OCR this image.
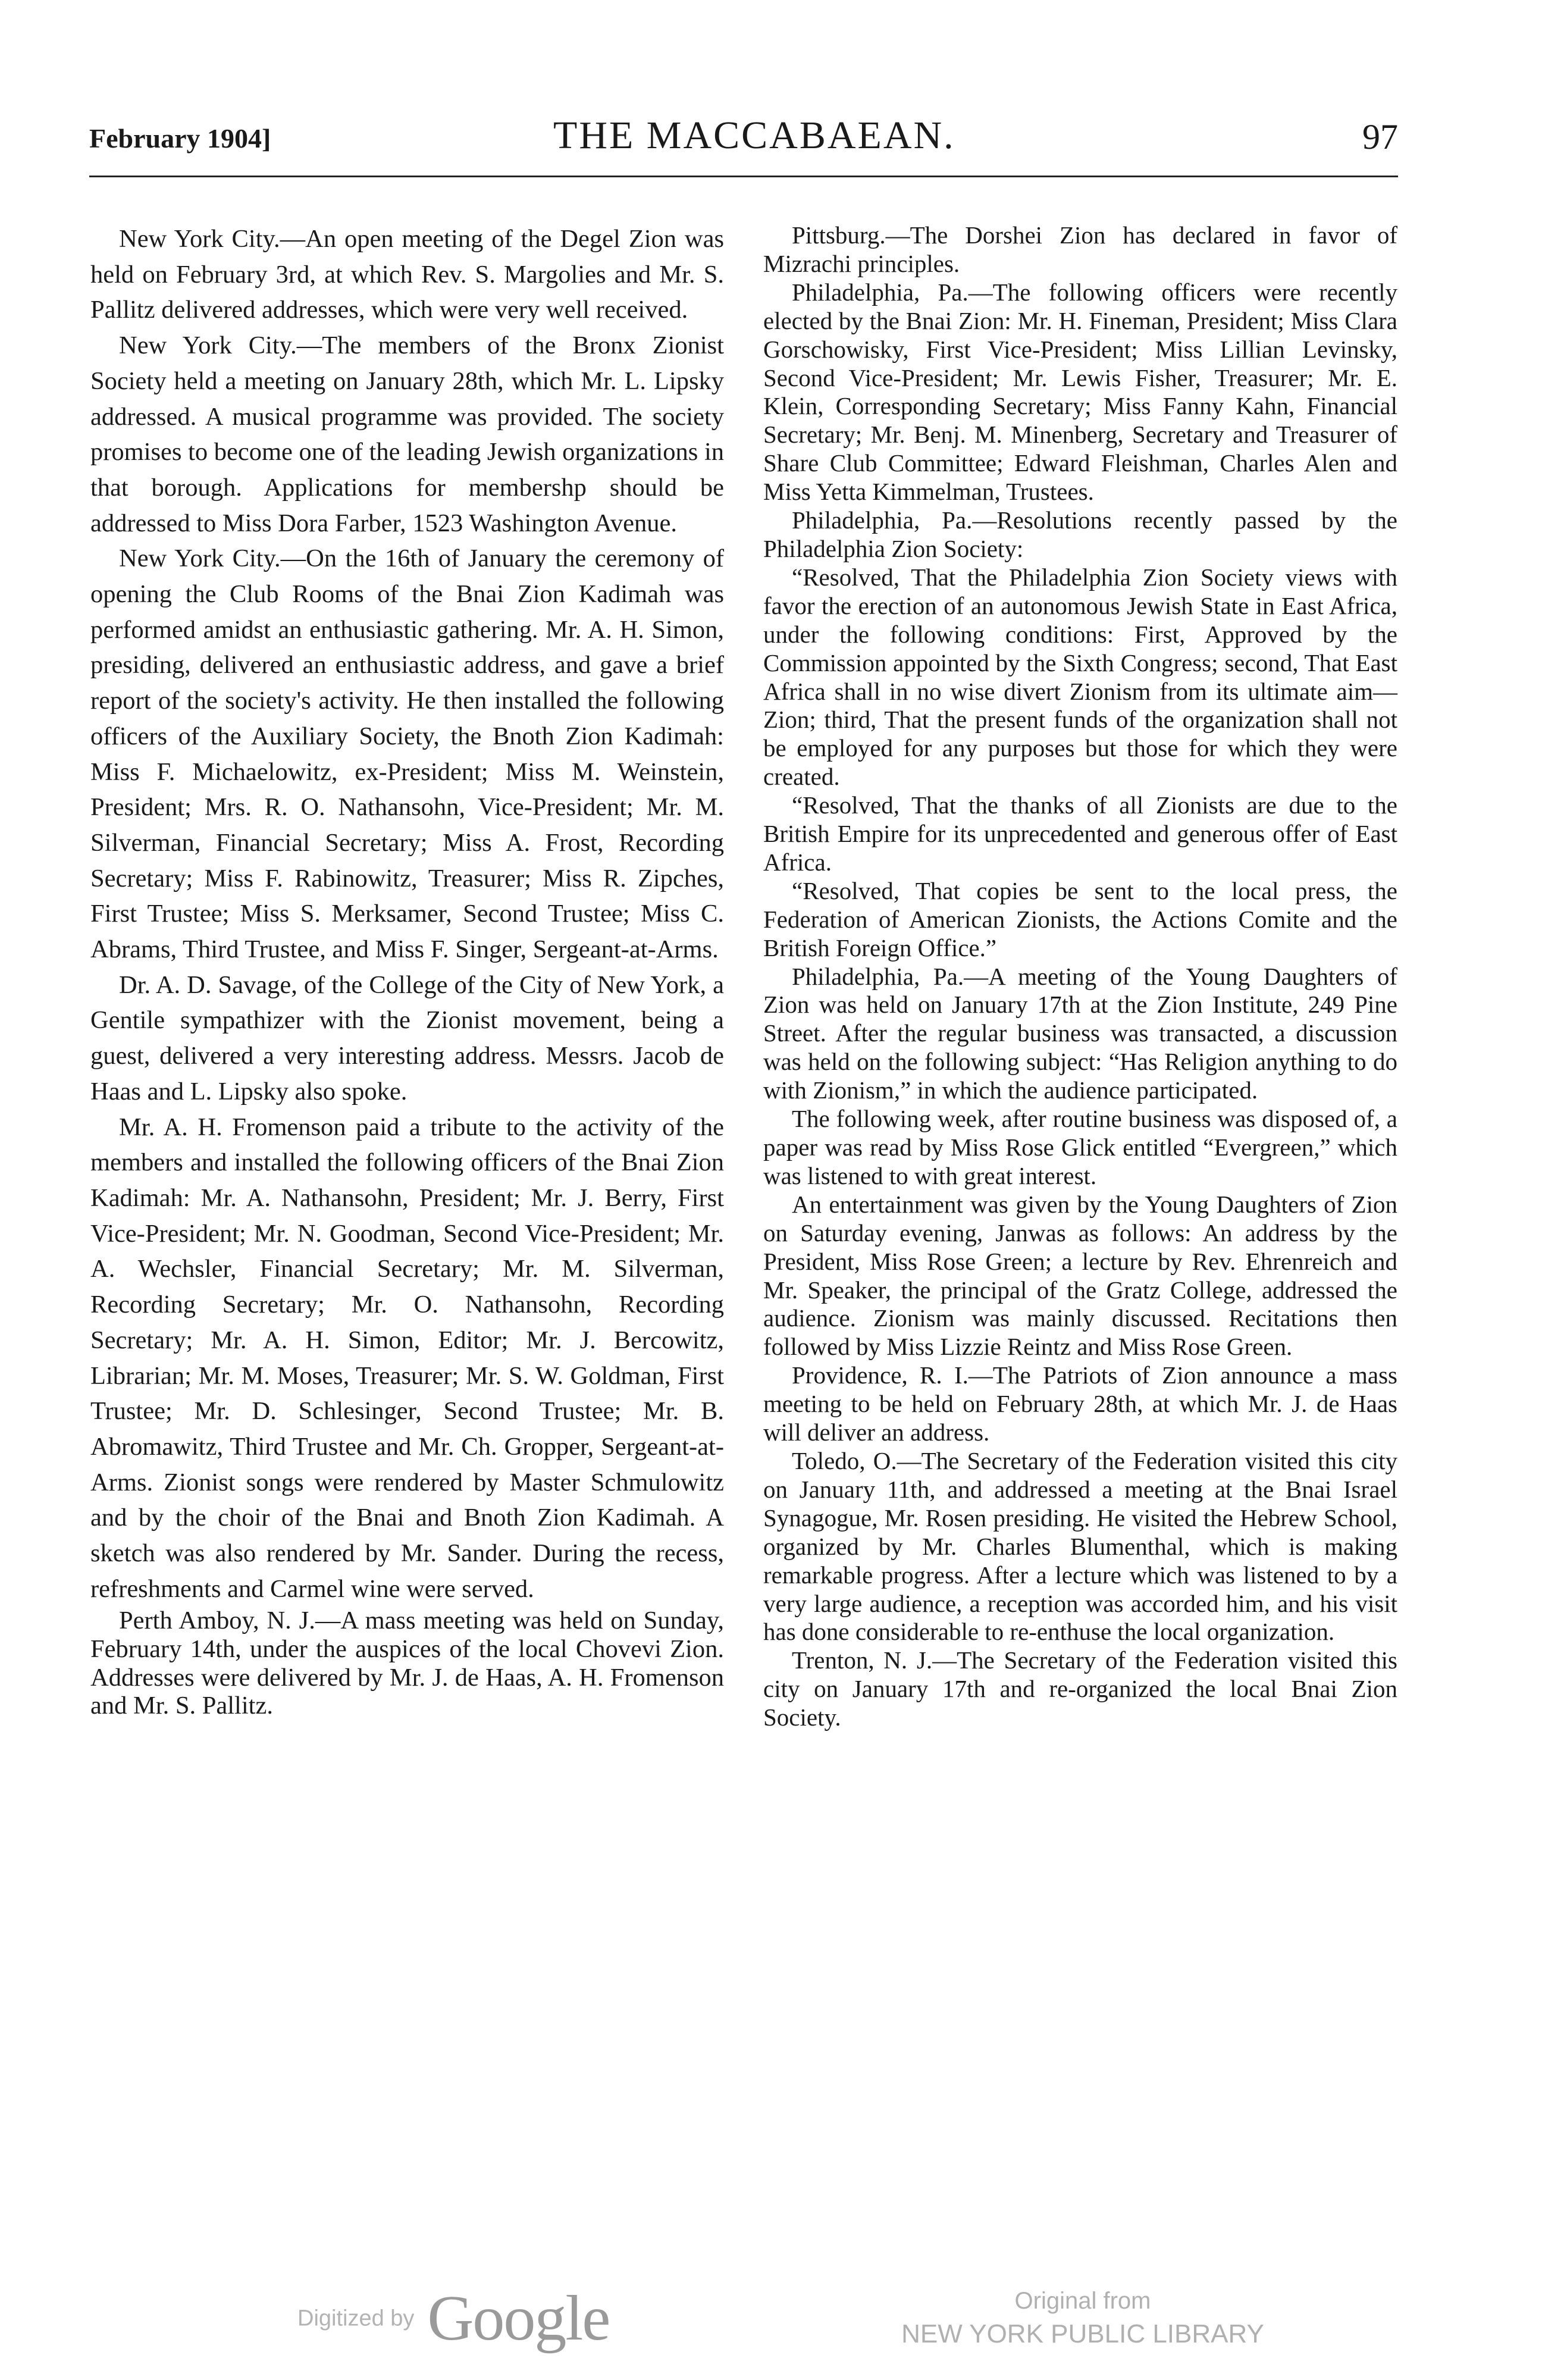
February 1904]	THE MACCABAEAN.	97

New York City.—An open meeting of the Degel Zion was held on February 3rd, at which Rev. S. Margolies and Mr. S. Pallitz delivered addresses, which were very well received.

New York City.—The members of the Bronx Zionist Society held a meeting on January 28th, which Mr. L. Lipsky addressed. A musical programme was provided. The society promises to become one of the leading Jewish organizations in that borough. Applications for membershp should be addressed to Miss Dora Farber, 1523 Washington Avenue.

New York City.—On the 16th of January the ceremony of opening the Club Rooms of the Bnai Zion Kadimah was performed amidst an enthusiastic gathering. Mr. A. H. Simon, presiding, delivered an enthusiastic address, and gave a brief report of the society's activity. He then installed the following officers of the Auxiliary Society, the Bnoth Zion Kadimah: Miss F. Michaelowitz, ex-President; Miss M. Weinstein, President; Mrs. R. O. Nathansohn, Vice-President; Mr. M. Silverman, Financial Secretary; Miss A. Frost, Recording Secretary; Miss F. Rabinowitz, Treasurer; Miss R. Zipches, First Trustee; Miss S. Merksamer, Second Trustee; Miss C. Abrams, Third Trustee, and Miss F. Singer, Sergeant-at-Arms.

Dr. A. D. Savage, of the College of the City of New York, a Gentile sympathizer with the Zionist movement, being a guest, delivered a very interesting address. Messrs. Jacob de Haas and L. Lipsky also spoke.

Mr. A. H. Fromenson paid a tribute to the activity of the members and installed the following officers of the Bnai Zion Kadimah: Mr. A. Nathansohn, President; Mr. J. Berry, First Vice-President; Mr. N. Goodman, Second Vice-President; Mr. A. Wechsler, Financial Secretary; Mr. M. Silverman, Recording Secretary; Mr. O. Nathansohn, Recording Secretary; Mr. A. H. Simon, Editor; Mr. J. Bercowitz, Librarian; Mr. M. Moses, Treasurer; Mr. S. W. Goldman, First Trustee; Mr. D. Schlesinger, Second Trustee; Mr. B. Abromawitz, Third Trustee and Mr. Ch. Gropper, Sergeant-at-Arms. Zionist songs were rendered by Master Schmulowitz and by the choir of the Bnai and Bnoth Zion Kadimah. A sketch was also rendered by Mr. Sander. During the recess, refreshments and Carmel wine were served.

Perth Amboy, N. J.—A mass meeting was held on Sunday, February 14th, under the auspices of the local Chovevi Zion. Addresses were delivered by Mr. J. de Haas, A. H. Fromenson and Mr. S. Pallitz.

Pittsburg.—The Dorshei Zion has declared in favor of Mizrachi principles.

Philadelphia, Pa.—The following officers were recently elected by the Bnai Zion: Mr. H. Fineman, President; Miss Clara Gorschowisky, First Vice-President; Miss Lillian Levinsky, Second Vice-President; Mr. Lewis Fisher, Treasurer; Mr. E. Klein, Corresponding Secretary; Miss Fanny Kahn, Financial Secretary; Mr. Benj. M. Minenberg, Secretary and Treasurer of Share Club Committee; Edward Fleishman, Charles Alen and Miss Yetta Kimmelman, Trustees.

Philadelphia, Pa.—Resolutions recently passed by the Philadelphia Zion Society:

“Resolved, That the Philadelphia Zion Society views with favor the erection of an autonomous Jewish State in East Africa, under the following conditions: First, Approved by the Commission appointed by the Sixth Congress; second, That East Africa shall in no wise divert Zionism from its ultimate aim—Zion; third, That the present funds of the organization shall not be employed for any purposes but those for which they were created.

“Resolved, That the thanks of all Zionists are due to the British Empire for its unprecedented and generous offer of East Africa.

“Resolved, That copies be sent to the local press, the Federation of American Zionists, the Actions Comite and the British Foreign Office.”

Philadelphia, Pa.—A meeting of the Young Daughters of Zion was held on January 17th at the Zion Institute, 249 Pine Street. After the regular business was transacted, a discussion was held on the following subject: “Has Religion anything to do with Zionism,” in which the audience participated.

The following week, after routine business was disposed of, a paper was read by Miss Rose Glick entitled “Evergreen,” which was listened to with great interest.

An entertainment was given by the Young Daughters of Zion on Saturday evening, Janwas as follows: An address by the President, Miss Rose Green; a lecture by Rev. Ehrenreich and Mr. Speaker, the principal of the Gratz College, addressed the audience. Zionism was mainly discussed. Recitations then followed by Miss Lizzie Reintz and Miss Rose Green.

Providence, R. I.—The Patriots of Zion announce a mass meeting to be held on February 28th, at which Mr. J. de Haas will deliver an address.

Toledo, O.—The Secretary of the Federation visited this city on January 11th, and addressed a meeting at the Bnai Israel Synagogue, Mr. Rosen presiding. He visited the Hebrew School, organized by Mr. Charles Blumenthal, which is making remarkable progress. After a lecture which was listened to by a very large audience, a reception was accorded him, and his visit has done considerable to re-enthuse the local organization.

Trenton, N. J.—The Secretary of the Federation visited this city on January 17th and re-organized the local Bnai Zion Society.

Digitized by Google	Original from
NEW YORK PUBLIC LIBRARY
